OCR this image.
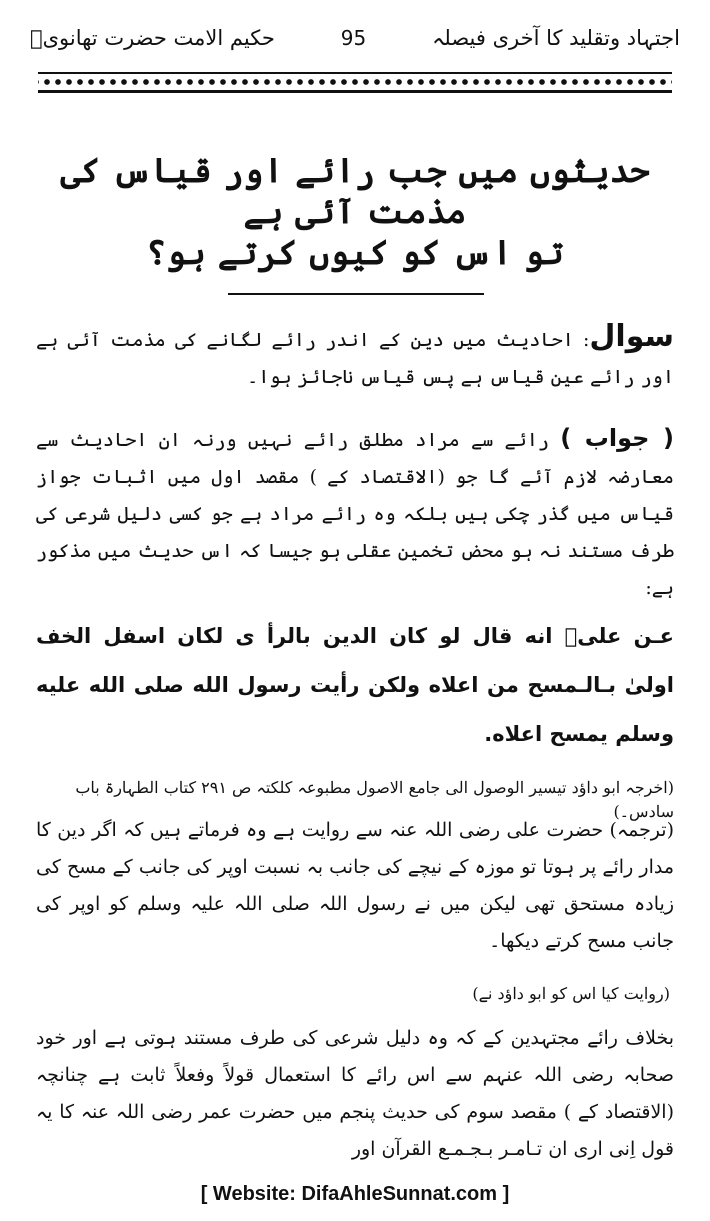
اجتہاد وتقلید کا آخری فیصلہ
95
حکیم الامت حضرت تھانویؒ
حدیثوں میں جب رائے اور قیاس کی مذمت آئی ہے
تو اس کو کیوں کرتے ہو؟
سوال: احادیث میں دین کے اندر رائے لگانے کی مذمت آئی ہے اور رائے عین قیاس ہے پس قیاس ناجائز ہوا۔
( جواب ) رائے سے مراد مطلق رائے نہیں ورنہ ان احادیث سے معارضہ لازم آئے گا جو (الاقتصاد کے ) مقصد اول میں اثبات جواز قیاس میں گذر چکی ہیں بلکہ وہ رائے مراد ہے جو کسی دلیل شرعی کی طرف مستند نہ ہو محض تخمین عقلی ہو جیسا کہ اس حدیث میں مذکور ہے:
عـن علیؓ انه قال لو كان الدين بالرأ ى لكان اسفل الخف اولىٰ بـالـمسح من اعلاه ولكن رأيت رسول الله صلى الله عليه وسلم يمسح اعلاه.
(اخرجہ ابو داؤد تیسیر الوصول الی جامع الاصول مطبوعہ کلکتہ ص ۲۹۱ کتاب الطہارۃ باب سادس۔)
(ترجمہ) حضرت علی رضی اللہ عنہ سے روایت ہے وہ فرماتے ہیں کہ اگر دین کا مدار رائے پر ہوتا تو موزہ کے نیچے کی جانب بہ نسبت اوپر کی جانب کے مسح کی زیادہ مستحق تھی لیکن میں نے رسول اللہ صلی اللہ علیہ وسلم کو اوپر کی جانب مسح کرتے دیکھا۔
(روایت کیا اس کو ابو داؤد نے)
بخلاف رائے مجتہدین کے کہ وہ دلیل شرعی کی طرف مستند ہوتی ہے اور خود صحابہ رضی اللہ عنہم سے اس رائے کا استعمال قولاً وفعلاً ثابت ہے چنانچہ (الاقتصاد کے ) مقصد سوم کی حدیث پنجم میں حضرت عمر رضی اللہ عنہ کا یہ قول اِنی اری ان تـامـر بـجـمـع القرآن اور
[ Website: DifaAhleSunnat.com ]
